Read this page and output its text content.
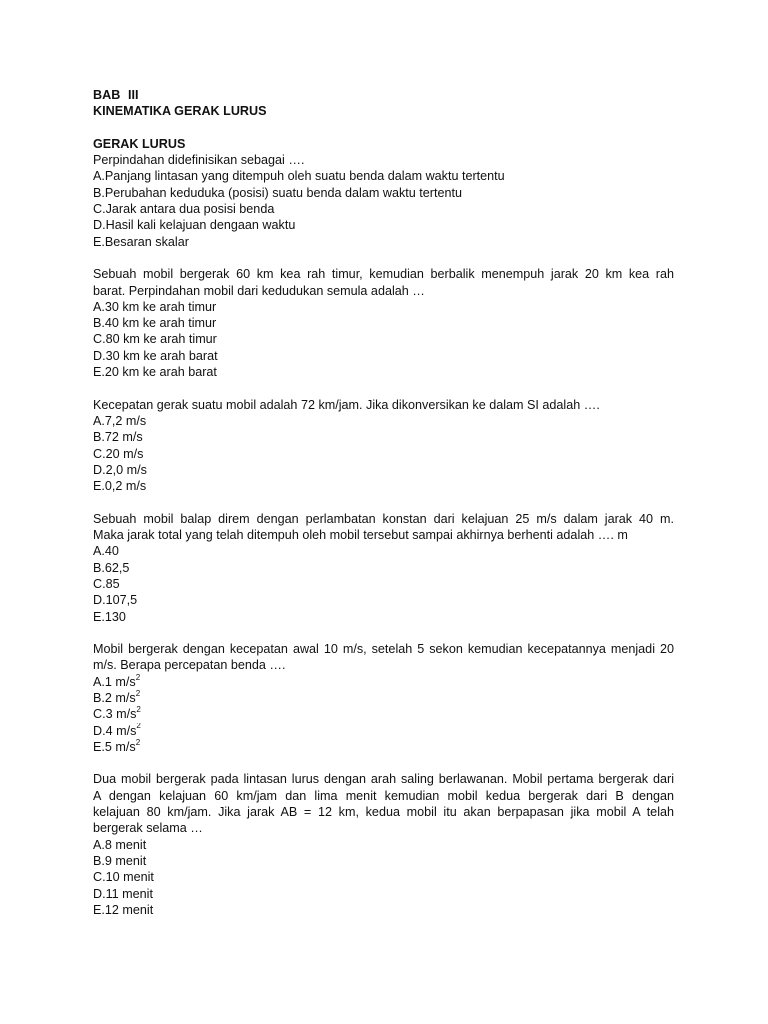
BAB III
KINEMATIKA GERAK LURUS
GERAK LURUS
Perpindahan didefinisikan sebagai ….
A.Panjang lintasan yang ditempuh oleh suatu benda dalam waktu tertentu
B.Perubahan keduduka (posisi) suatu benda dalam waktu tertentu
C.Jarak antara dua posisi benda
D.Hasil kali kelajuan dengaan waktu
E.Besaran skalar
Sebuah mobil bergerak 60 km kea rah timur, kemudian berbalik menempuh jarak 20 km kea rah
barat. Perpindahan mobil dari kedudukan semula adalah …
A.30 km ke arah timur
B.40 km ke arah timur
C.80 km ke arah timur
D.30 km ke arah barat
E.20 km ke arah barat
Kecepatan gerak suatu mobil adalah 72 km/jam. Jika dikonversikan ke dalam SI adalah ….
A.7,2 m/s
B.72 m/s
C.20 m/s
D.2,0 m/s
E.0,2 m/s
Sebuah mobil balap direm dengan perlambatan konstan dari kelajuan 25 m/s dalam jarak 40 m.
Maka jarak total yang telah ditempuh oleh mobil tersebut sampai akhirnya berhenti adalah …. m
A.40
B.62,5
C.85
D.107,5
E.130
Mobil bergerak dengan kecepatan awal 10 m/s, setelah 5 sekon kemudian kecepatannya menjadi 20
m/s. Berapa percepatan benda ….
A.1 $m/s^2$
B.2 $m/s^2$
C.3 $m/s^2$
D.4 $m/s^2$
E.5 $m/s^2$
Dua mobil bergerak pada lintasan lurus dengan arah saling berlawanan. Mobil pertama bergerak dari
A dengan kelajuan 60 km/jam dan lima menit kemudian mobil kedua bergerak dari B dengan
kelajuan 80 km/jam. Jika jarak AB = 12 km, kedua mobil itu akan berpapasan jika mobil A telah
bergerak selama …
A.8 menit
B.9 menit
C.10 menit
D.11 menit
E.12 menit
